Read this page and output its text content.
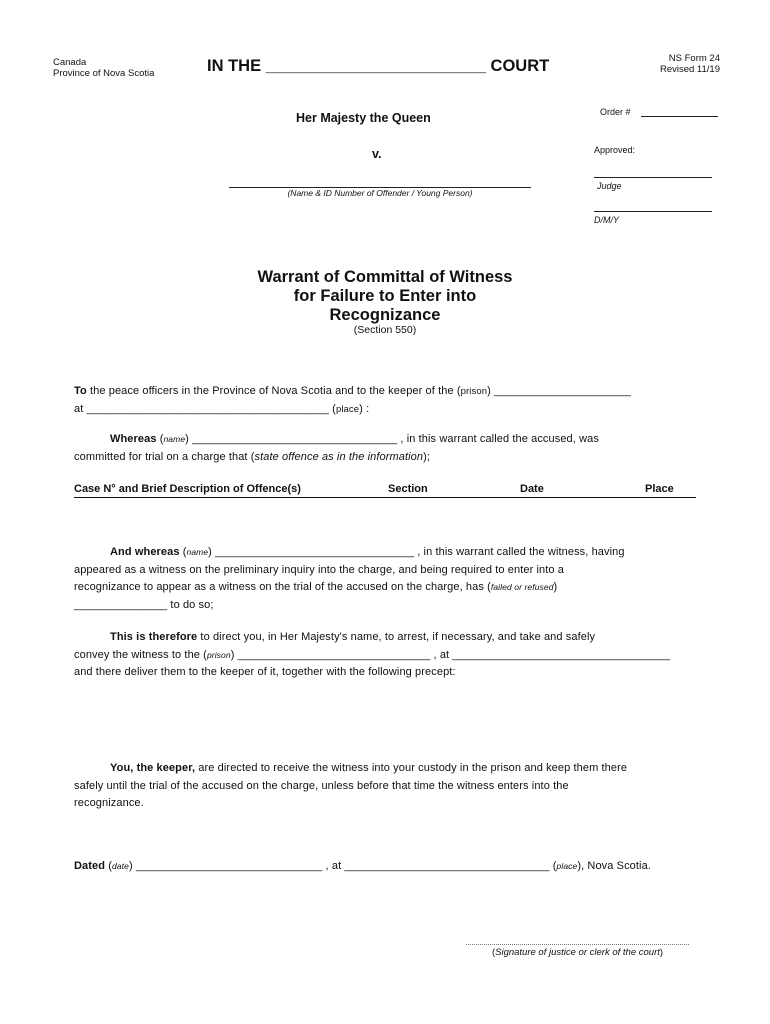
Canada
Province of Nova Scotia	IN THE ________________________ COURT	NS Form 24
Revised 11/19
Her Majesty the Queen
v.
(Name & ID Number of Offender / Young Person)
Order #
Approved:
Judge
D/M/Y
Warrant of Committal of Witness
for Failure to Enter into
Recognizance
(Section 550)

To the peace officers in the Province of Nova Scotia and to the keeper of the (prison) ______________________
at _______________________________________ (place) :

Whereas (name) _________________________________ , in this warrant called the accused, was
committed for trial on a charge that (state offence as in the information);

Case N° and Brief Description of Offence(s)	Section	Date	Place

And whereas (name) ________________________________ , in this warrant called the witness, having
appeared as a witness on the preliminary inquiry into the charge, and being required to enter into a
recognizance to appear as a witness on the trial of the accused on the charge, has (failed or refused)
_______________ to do so;

This is therefore to direct you, in Her Majesty's name, to arrest, if necessary, and take and safely
convey the witness to the (prison) _______________________________ , at ___________________________________
and there deliver them to the keeper of it, together with the following precept:

You, the keeper, are directed to receive the witness into your custody in the prison and keep them there
safely until the trial of the accused on the charge, unless before that time the witness enters into the
recognizance.

Dated (date) ______________________________ , at _________________________________ (place), Nova Scotia.

(Signature of justice or clerk of the court)
